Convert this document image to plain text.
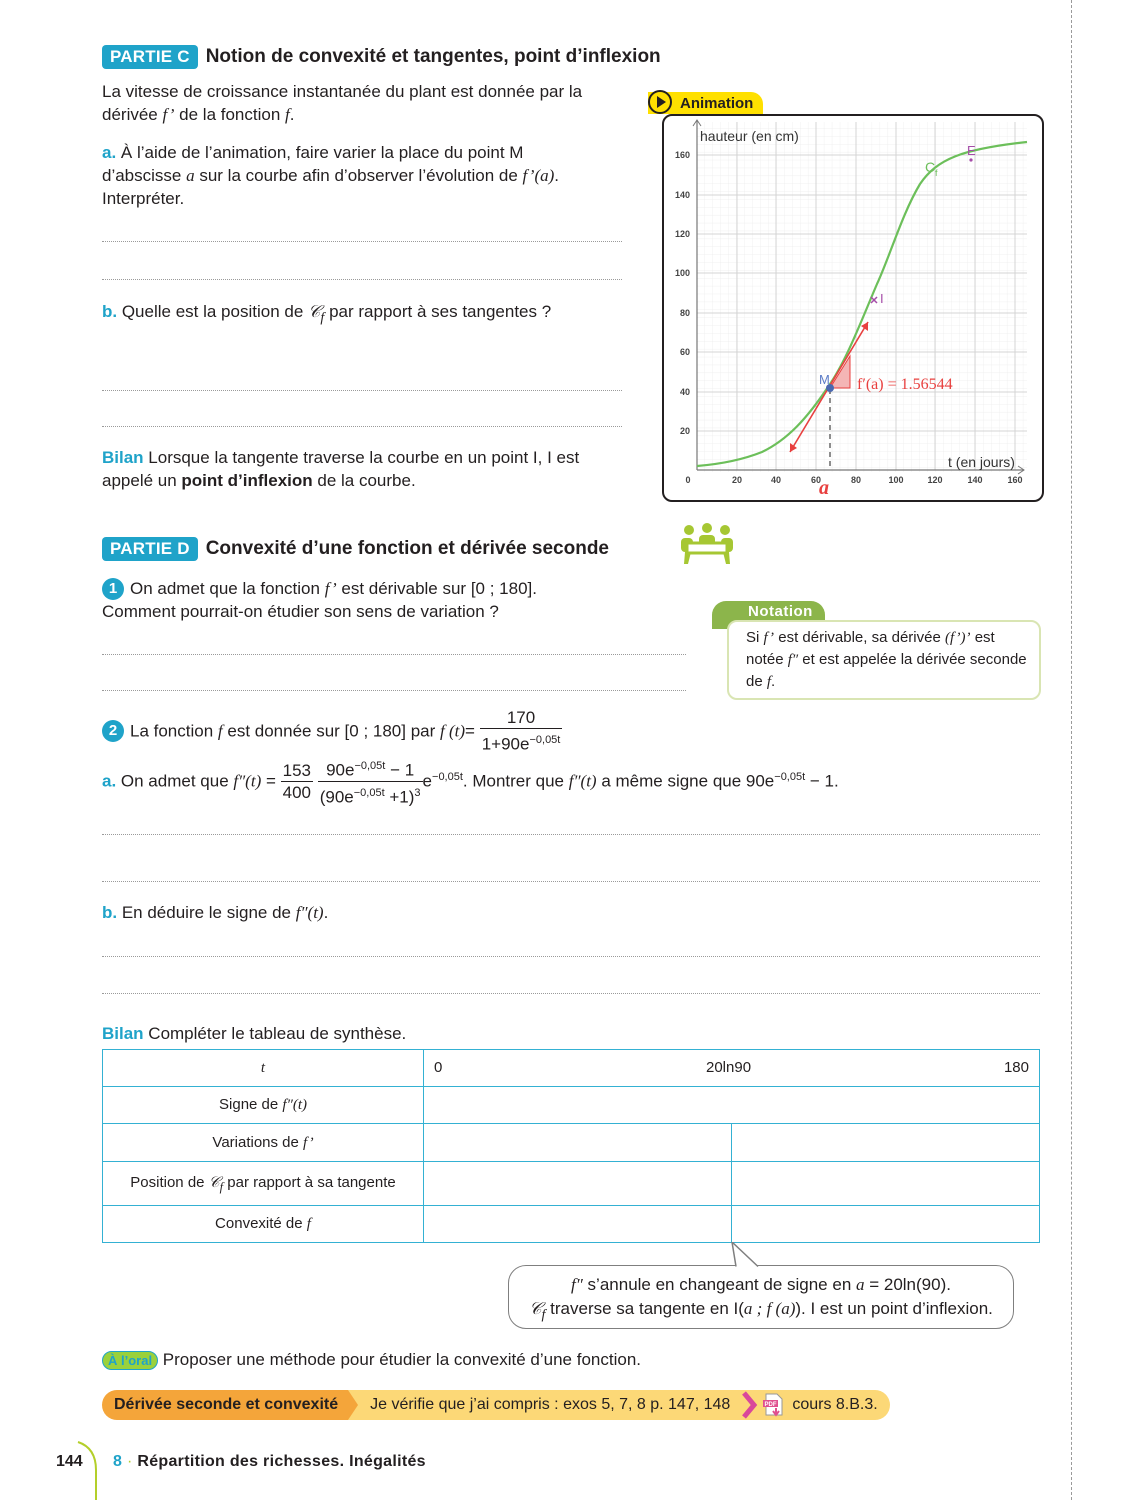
PARTIE C Notion de convexité et tangentes, point d’inflexion
La vitesse de croissance instantanée du plant est donnée par la
dérivée f’ de la fonction f.
a. À l’aide de l’animation, faire varier la place du point M
d’abscisse a sur la courbe afin d’observer l’évolution de f’(a).
Interpréter.
b. Quelle est la position de 𝒞$_f$ par rapport à ses tangentes ?
Bilan Lorsque la tangente traverse la courbe en un point I, I est
appelé un point d’inflexion de la courbe.
Animation
20
40
60
80
100
120
140
160
0	20	40	60	80	100	120	140	160
hauteur (en cm)
t (en jours)
M f′(a) = 1.56544
a
I
E
C f
PARTIE D Convexité d’une fonction et dérivée seconde
1 On admet que la fonction f’ est dérivable sur [0 ; 180].
Comment pourrait-on étudier son sens de variation ?	Notation
Si f’ est dérivable, sa dérivée (f’)’ est
notée f″ et est appelée la dérivée seconde
de f.
2 La fonction f est donnée sur [0 ; 180] par f $(t)= \frac{170}{1+90e^{-0,05t}}$
a. On admet que $f''(t) = \frac{153}{400}$
$\frac{90e^{-0,05t} - 1}{(90e^{-0,05t} +1)^3} e^{-0,05t}$. Montrer que f″(t) a même signe que $90e^{-0,05t} - 1$.
b. En déduire le signe de f″(t).
Bilan Compléter le tableau de synthèse.
t	0 20ln90 180	

Signe de f″(t)		
Variations de f’		
Position de 𝒞$_f$ par rapport à sa tangente		
Convexité de f		
f″ s’annule en changeant de signe en a = 20ln(90).
𝒞$_f$ traverse sa tangente en I(a ; f (a)). I est un point d’inflexion.
À l’oral Proposer une méthode pour étudier la convexité d’une fonction.
Dérivée seconde et convexité	Je vérifie que j’ai compris : exos 5, 7, 8 p. 147, 148	PDF cours 8.B.3.
144 8 · Répartition des richesses. Inégalités
